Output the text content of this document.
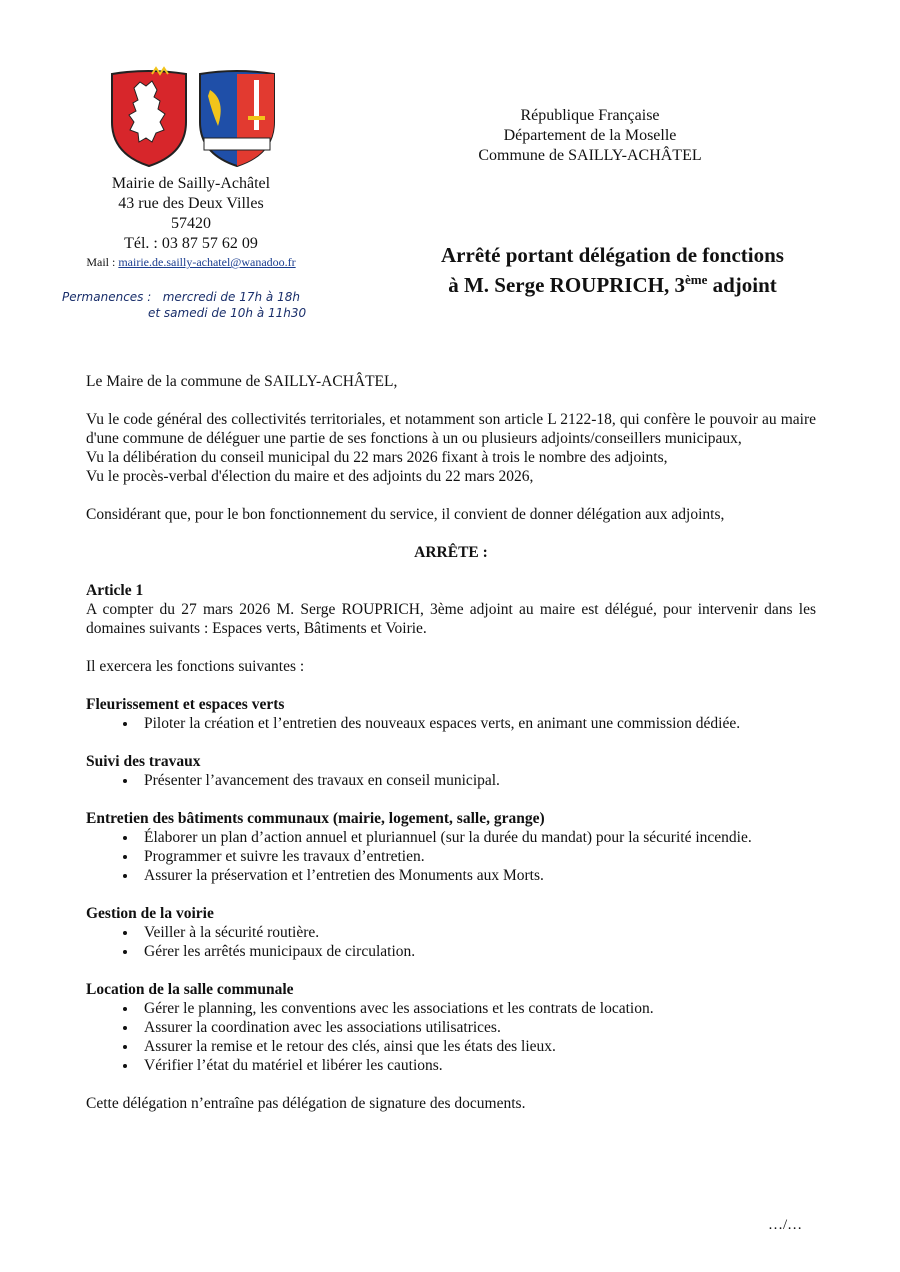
Mairie de Sailly-Achâtel
43 rue des Deux Villes
57420
Tél. : 03 87 57 62 09
Mail : mairie.de.sailly-achatel@wanadoo.fr
Permanences : mercredi de 17h à 18h
et samedi de 10h à 11h30
République Française
Département de la Moselle
Commune de SAILLY-ACHÂTEL
Arrêté portant délégation de fonctions
à M. Serge ROUPRICH, 3ème adjoint

Le Maire de la commune de SAILLY-ACHÂTEL,

Vu le code général des collectivités territoriales, et notamment son article L 2122-18, qui confère le pouvoir au maire d'une commune de déléguer une partie de ses fonctions à un ou plusieurs adjoints/conseillers municipaux,

Vu la délibération du conseil municipal du 22 mars 2026 fixant à trois le nombre des adjoints,

Vu le procès-verbal d'élection du maire et des adjoints du 22 mars 2026,

Considérant que, pour le bon fonctionnement du service, il convient de donner délégation aux adjoints,

ARRÊTE :

Article 1

A compter du 27 mars 2026 M. Serge ROUPRICH, 3ème adjoint au maire est délégué, pour intervenir dans les domaines suivants : Espaces verts, Bâtiments et Voirie.

Il exercera les fonctions suivantes :

Fleurissement et espaces verts

• Piloter la création et l’entretien des nouveaux espaces verts, en animant une commission dédiée.

Suivi des travaux

• Présenter l’avancement des travaux en conseil municipal.

Entretien des bâtiments communaux (mairie, logement, salle, grange)

• Élaborer un plan d’action annuel et pluriannuel (sur la durée du mandat) pour la sécurité incendie.
• Programmer et suivre les travaux d’entretien.
• Assurer la préservation et l’entretien des Monuments aux Morts.

Gestion de la voirie

• Veiller à la sécurité routière.
• Gérer les arrêtés municipaux de circulation.

Location de la salle communale

• Gérer le planning, les conventions avec les associations et les contrats de location.
• Assurer la coordination avec les associations utilisatrices.
• Assurer la remise et le retour des clés, ainsi que les états des lieux.
• Vérifier l’état du matériel et libérer les cautions.

Cette délégation n’entraîne pas délégation de signature des documents.

…/…
